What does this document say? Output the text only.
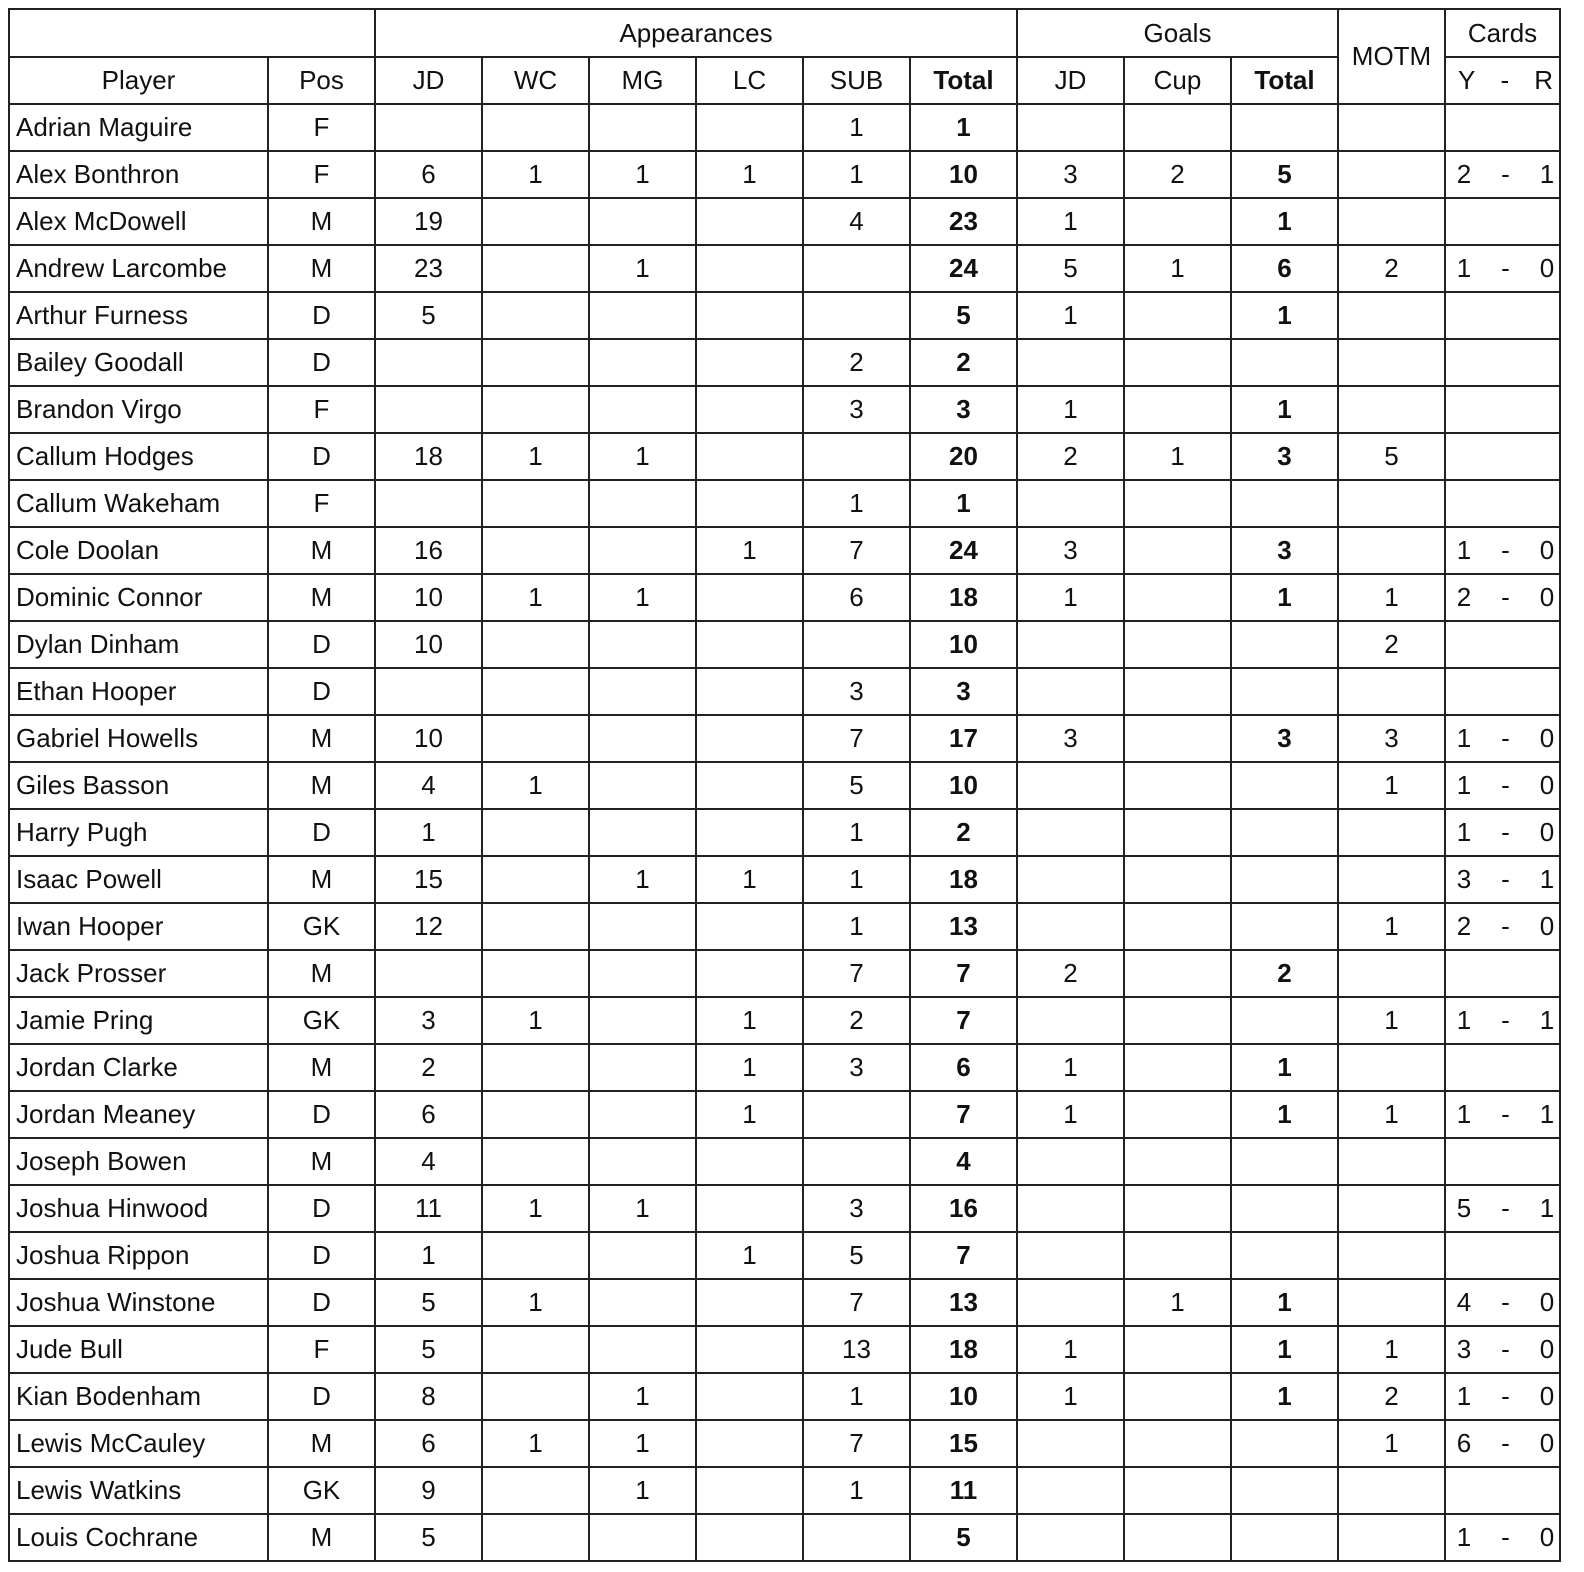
		Appearances						Goals			MOTM	Cards
Player	Pos	JD	WC	MG	LC	SUB	Total	JD	Cup	Total		Y - R

Adrian Maguire	F					1	1					
Alex Bonthron	F	6	1	1	1	1	10	3	2	5		2 - 1

Alex McDowell	M	19				4	23	1		1		
Andrew Larcombe	M	23		1			24	5	1	6	2	1 - 0

Arthur Furness	D	5					5	1		1		
Bailey Goodall	D					2	2					
Brandon Virgo	F					3	3	1		1		
Callum Hodges	D	18	1	1			20	2	1	3	5	
Callum Wakeham	F					1	1					
Cole Doolan	M	16			1	7	24	3		3		1 - 0

Dominic Connor	M	10	1	1		6	18	1		1	1	2 - 0

Dylan Dinham	D	10					10				2	
Ethan Hooper	D					3	3					
Gabriel Howells	M	10				7	17	3		3	3	1 - 0

Giles Basson	M	4	1			5	10				1	1 - 0

Harry Pugh	D	1				1	2					1 - 0

Isaac Powell	M	15		1	1	1	18					3 - 1

Iwan Hooper	GK	12				1	13				1	2 - 0

Jack Prosser	M					7	7	2		2		
Jamie Pring	GK	3	1		1	2	7				1	1 - 1

Jordan Clarke	M	2			1	3	6	1		1		
Jordan Meaney	D	6			1		7	1		1	1	1 - 1

Joseph Bowen	M	4					4					
Joshua Hinwood	D	11	1	1		3	16					5 - 1

Joshua Rippon	D	1			1	5	7					
Joshua Winstone	D	5	1			7	13		1	1		4 - 0

Jude Bull	F	5				13	18	1		1	1	3 - 0

Kian Bodenham	D	8		1		1	10	1		1	2	1 - 0

Lewis McCauley	M	6	1	1		7	15				1	6 - 0

Lewis Watkins	GK	9		1		1	11					
Louis Cochrane	M	5					5					1 - 0
